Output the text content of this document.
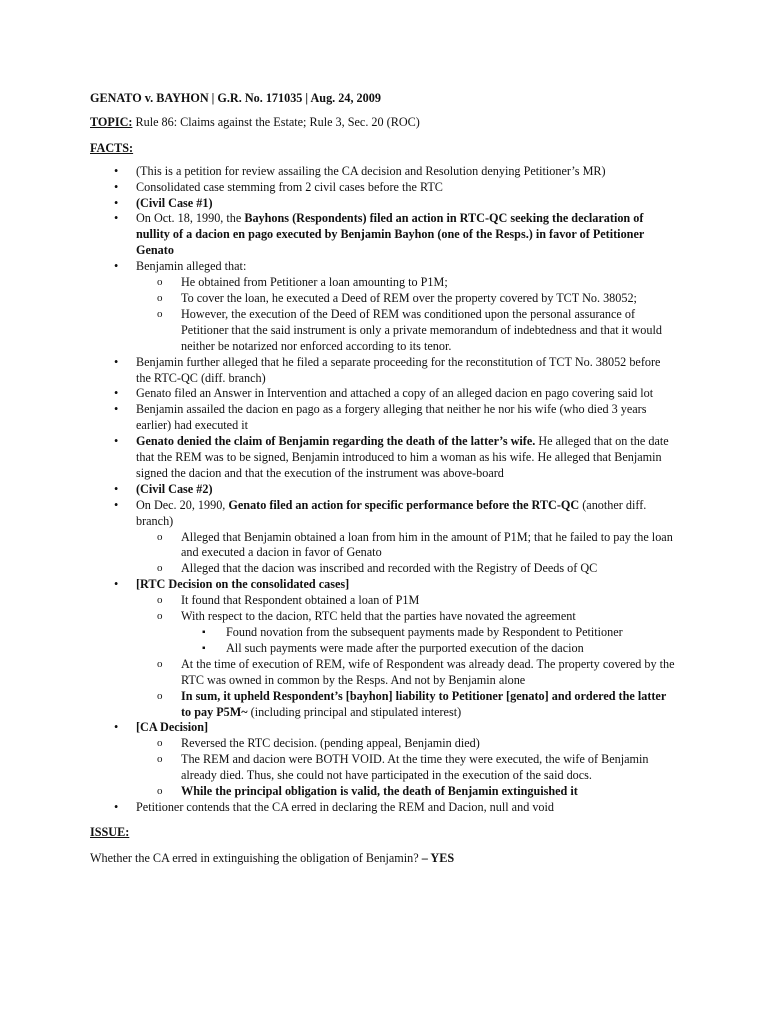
GENATO v. BAYHON | G.R. No. 171035 | Aug. 24, 2009

TOPIC: Rule 86: Claims against the Estate; Rule 3, Sec. 20 (ROC)
FACTS:
• (This is a petition for review assailing the CA decision and Resolution denying Petitioner’s MR)
• Consolidated case stemming from 2 civil cases before the RTC
• (Civil Case #1)
• On Oct. 18, 1990, the Bayhons (Respondents) filed an action in RTC-QC seeking the declaration of nullity of a dacion en pago executed by Benjamin Bayhon (one of the Resps.) in favor of Petitioner Genato
• Benjamin alleged that:
o He obtained from Petitioner a loan amounting to P1M;
o To cover the loan, he executed a Deed of REM over the property covered by TCT No. 38052;
o However, the execution of the Deed of REM was conditioned upon the personal assurance of Petitioner that the said instrument is only a private memorandum of indebtedness and that it would neither be notarized nor enforced according to its tenor.
• Benjamin further alleged that he filed a separate proceeding for the reconstitution of TCT No. 38052 before the RTC-QC (diff. branch)
• Genato filed an Answer in Intervention and attached a copy of an alleged dacion en pago covering said lot
• Benjamin assailed the dacion en pago as a forgery alleging that neither he nor his wife (who died 3 years earlier) had executed it
• Genato denied the claim of Benjamin regarding the death of the latter’s wife. He alleged that on the date that the REM was to be signed, Benjamin introduced to him a woman as his wife. He alleged that Benjamin signed the dacion and that the execution of the instrument was above-board
• (Civil Case #2)
• On Dec. 20, 1990, Genato filed an action for specific performance before the RTC-QC (another diff. branch)
o Alleged that Benjamin obtained a loan from him in the amount of P1M; that he failed to pay the loan and executed a dacion in favor of Genato
o Alleged that the dacion was inscribed and recorded with the Registry of Deeds of QC
• [RTC Decision on the consolidated cases]
o It found that Respondent obtained a loan of P1M
o With respect to the dacion, RTC held that the parties have novated the agreement
▪ Found novation from the subsequent payments made by Respondent to Petitioner
▪ All such payments were made after the purported execution of the dacion
o At the time of execution of REM, wife of Respondent was already dead. The property covered by the RTC was owned in common by the Resps. And not by Benjamin alone
o In sum, it upheld Respondent’s [bayhon] liability to Petitioner [genato] and ordered the latter to pay P5M~ (including principal and stipulated interest)
• [CA Decision]
o Reversed the RTC decision. (pending appeal, Benjamin died)
o The REM and dacion were BOTH VOID. At the time they were executed, the wife of Benjamin already died. Thus, she could not have participated in the execution of the said docs.
o While the principal obligation is valid, the death of Benjamin extinguished it
• Petitioner contends that the CA erred in declaring the REM and Dacion, null and void
ISSUE:
Whether the CA erred in extinguishing the obligation of Benjamin? – YES
